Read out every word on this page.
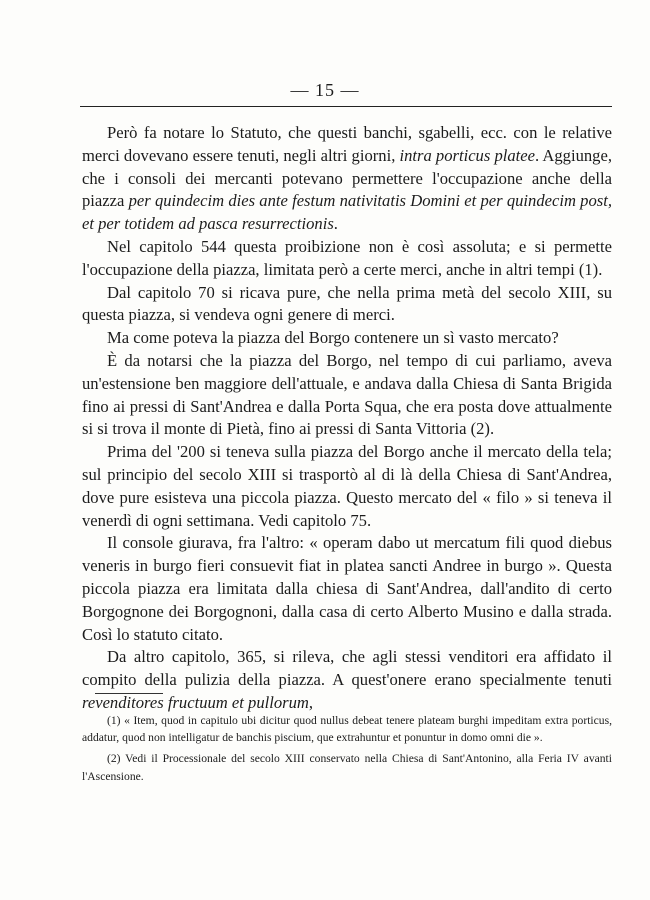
— 15 —

Però fa notare lo Statuto, che questi banchi, sgabelli, ecc. con le relative merci dovevano essere tenuti, negli altri giorni, intra porticus platee. Aggiunge, che i consoli dei mercanti potevano permettere l'occupazione anche della piazza per quindecim dies ante festum nativitatis Domini et per quindecim post, et per totidem ad pasca resurrectionis.

Nel capitolo 544 questa proibizione non è così assoluta; e si permette l'occupazione della piazza, limitata però a certe merci, anche in altri tempi (1).

Dal capitolo 70 si ricava pure, che nella prima metà del secolo XIII, su questa piazza, si vendeva ogni genere di merci.

Ma come poteva la piazza del Borgo contenere un sì vasto mercato?

È da notarsi che la piazza del Borgo, nel tempo di cui parliamo, aveva un'estensione ben maggiore dell'attuale, e andava dalla Chiesa di Santa Brigida fino ai pressi di Sant'Andrea e dalla Porta Squa, che era posta dove attualmente si si trova il monte di Pietà, fino ai pressi di Santa Vittoria (2).

Prima del '200 si teneva sulla piazza del Borgo anche il mercato della tela; sul principio del secolo XIII si trasportò al di là della Chiesa di Sant'Andrea, dove pure esisteva una piccola piazza. Questo mercato del « filo » si teneva il venerdì di ogni settimana. Vedi capitolo 75.

Il console giurava, fra l'altro: « operam dabo ut mercatum fili quod diebus veneris in burgo fieri consuevit fiat in platea sancti Andree in burgo ». Questa piccola piazza era limitata dalla chiesa di Sant'Andrea, dall'andito di certo Borgognone dei Borgognoni, dalla casa di certo Alberto Musino e dalla strada. Così lo statuto citato.

Da altro capitolo, 365, si rileva, che agli stessi venditori era affidato il compito della pulizia della piazza. A quest'onere erano specialmente tenuti revenditores fructuum et pullorum,

(1) « Item, quod in capitulo ubi dicitur quod nullus debeat tenere plateam burghi impeditam extra porticus, addatur, quod non intelligatur de banchis piscium, que extrahuntur et ponuntur in domo omni die ».

(2) Vedi il Processionale del secolo XIII conservato nella Chiesa di Sant'Antonino, alla Feria IV avanti l'Ascensione.
